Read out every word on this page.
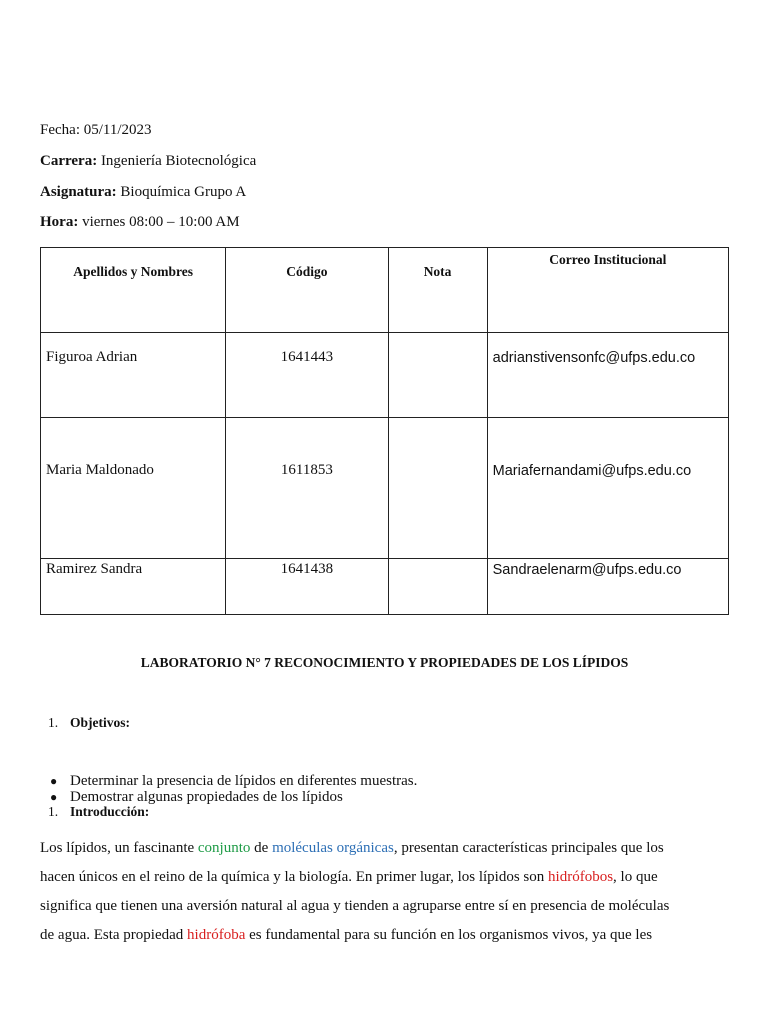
Fecha: 05/11/2023
Carrera: Ingeniería Biotecnológica
Asignatura: Bioquímica Grupo A
Hora: viernes 08:00 – 10:00 AM
Apellidos y Nombres	Código	Nota	Correo Institucional

Figuroa Adrian	1641443		adrianstivensonfc@ufps.edu.co

Maria Maldonado	1611853		Mariafernandami@ufps.edu.co

Ramirez Sandra	1641438		Sandraelenarm@ufps.edu.co
LABORATORIO N° 7 RECONOCIMIENTO Y PROPIEDADES DE LOS LÍPIDOS
1. Objetivos:
● Determinar la presencia de lípidos en diferentes muestras.
● Demostrar algunas propiedades de los lípidos
1. Introducción:
Los lípidos, un fascinante conjunto de moléculas orgánicas, presentan características principales que los
hacen únicos en el reino de la química y la biología. En primer lugar, los lípidos son hidrófobos, lo que
significa que tienen una aversión natural al agua y tienden a agruparse entre sí en presencia de moléculas
de agua. Esta propiedad hidrófoba es fundamental para su función en los organismos vivos, ya que les
